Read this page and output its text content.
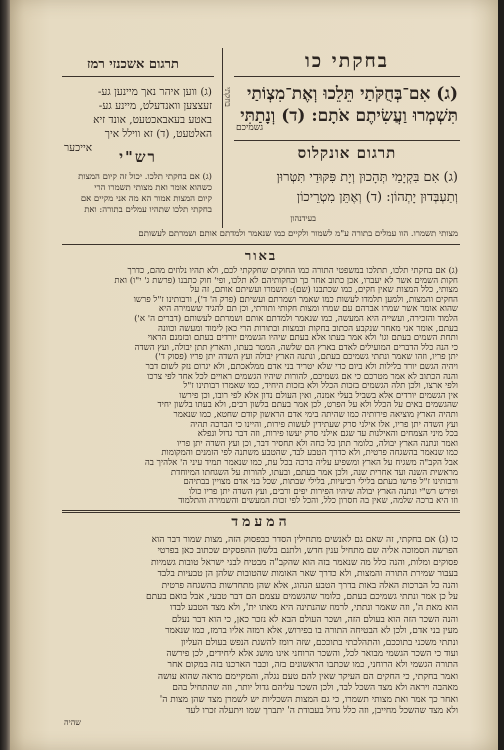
תרגום אשכנזי רמז	בחקתי כו
בחקתי (ג) אִם־בְּחֻקֹּתַי תֵּלֵכוּ וְאֶת־מִצְוֹתַי
תִּשְׁמְרוּ וַעֲשִׂיתֶם אֹתָם: (ד) וְנָתַתִּי
גשמיכם
(ג) ווען איהר נאך מיינען גע-
זעצצען וואנדעלט, מיינע גע-
באטע בעאבאכטעט, אונד זיא
האלטעט, (ד) זא ווילל איך
אייכער	תרגום אונקלוס
(ג) אִם בִּקְיָמַי תְּהָכוּן וְיָת פִּקּוּדַי תִּטְּרוּן
וְתַעְבְּדוּן יָתְהוֹן: (ד) וְאֶתֵּן מִטְרֵיכוֹן
בעידנהון
רש"י
(ג) אם בחקתי תלכו. יכול זה קיום המצות
כשהוא אומר ואת מצותי תשמרו הרי
קיום המצות אמור הא מה אני מקיים אם
בחקתי תלכו שתהיו עמלים בתורה: ואת
מצותי תשמרו. הוו עמלים בתורה ע"מ לשמור ולקיים כמו שנאמר ולמדתם אותם ושמרתם לעשותם
באור
(ג) אם בחקתי תלכו, תתלכו במשפטי התורה כמו החוקים שחקקתי לכם, ולא תהיו נלוזים מהם, כדרך
חקות השמים אשר לא יעברו, אכן כתוב אחר כך ובחקותיהם לא תלכו, ופי' חוק כתבנו (פרשת ג' י"ו) ואת
מצותי, כלל המצות שאין חקים, כמו שכתבנו (שם): תשמרו ועשיתם אותם, זה על
החקים והמצות, ולמען תלמדו לעשות כמו שאמר ושמרתם ועשיתם (פרק ה' ד'), ורבותינו ז"ל פרשו
שהוא אומר אשר שמרו אברהם עם שמרו ומצות חקותי ותורתי, וכן תם להגיד ששמירה היא
הלמוד והזכירה, ועשייה היא המעשה, כמו שנאמר ולמדתם אותם ושמרתם לעשותם (דברים ה' א')
בעתם, אומר אני מאחר שנקבע הכתוב בחקות ובמצות ובתורות הרי כאן לימוד ומעשה וכוונה
ותחת השמים בעתם וגו' ולא אמר בעתו אלא בעתם שיהיו הגשמים יורדים בעתם ובזמנם הראוי
כי הנה כלל הדברים המועילים לאדם בארץ הם שלשה, המטר בעתו, והארץ תתן יבולה, ועץ השדה
יתן פריו, וזהו שאמר ונתתי גשמיכם בעתם, ונתנה הארץ יבולה ועץ השדה יתן פריו (פסוק ד')
ויהיה הגשם יורד בלילות ולא ביום כדי שלא יטריד בני אדם ממלאכתם, ולא יגרום נזק לשום דבר
והנה הכתוב לא אמר מטרכם כי אם גשמיכם, להורות שיהיו הגשמים ראויים לכל אחד לפי צרכו
ולפי ארצו, ולכן תלה הגשמים בזכות הכלל ולא בזכות היחיד, כמו שאמרו רבותינו ז"ל
אין הגשמים יורדים אלא בשביל בעלי אמנה, ואין העולם נדון אלא לפי רובו, וכן פירשו
שהגשמים באים על הכלל ולא על הפרט, לכן אמר בעתם בלשון רבים, ולא בעתו בלשון יחיד
ותהיה הארץ מוציאה פירותיה כמו שהיתה בימי אדם הראשון קודם שחטא, כמו שנאמר
ועץ השדה יתן פריו, אלו אילני סרק שעתידין לעשות פירות, והיינו כי הברכה תהיה
בכל מיני הצמחים והאילנות עד שגם אילני סרק יעשו פירות, וזה דבר גדול ונפלא
ואמר ונתנה הארץ יבולה, כלומר תתן כל כחה ולא תחסיר דבר, וכן ועץ השדה יתן פריו
כמו שנאמר בהשגחה פרטית, ולא כדרך הטבע לבד, שהטבע משתנה לפי הזמנים והמקומות
אבל הקב"ה משגיח על הארץ ומשפיע עליה ברכה בכל עת, כמו שנאמר תמיד עיני ה' אלהיך בה
מראשית השנה ועד אחרית שנה, ולכן אמר בעתם, ובעתו, להורות על השגחתו המיוחדת
ורבותינו ז"ל פרשו בעתם בלילי רביעיות, בלילי שבתות, שכל בני אדם מצויין בבתיהם
ופירש רש"י ונתנה הארץ יבולה שיהיו הפירות יפים ורבים, ועץ השדה יתן פריו כולו
וזו היא ברכה שלמה, שאין בה חסרון כלל, והכל לפי זכות המעשים והשמירה והתלמוד
המעמד
כו (ג) אם בחקתי, זה שאם גם לאנשים מתחילין הסדר כבפסוק הזה, מצות שמור דבר הוא
הפרשה הסמוכה אליה שם מתחיל ענין חדש, ולתנם בלשון ההפסקים שכתוב כאן בפרטי
פסוקים ומלות, והנה כלל מה שנאמר בזה הוא שהקב"ה מבטיח לבני ישראל טובות גשמיות
בעבור שמירת התורה והמצות, ולא כדרך שאר האומות שהטובות שלהן הן טבעיות בלבד
והנה כל הברכות האלה באות בדרך הטבע הנהוג, אלא שהן מתחדשות בהשגחה פרטית
על כן אמר ונתתי גשמיכם בעתם, כלומר שהגשמים עצמם הם דבר טבעי, אבל בואם בעתם
הוא מאת ה', וזה שאמר ונתתי, לרמוז שהנתינה היא מאתו ית', ולא מצד הטבע לבדו
והנה השכר הזה הוא בעולם הזה, ושכר העולם הבא לא נזכר כאן, כי הוא דבר נעלם
מעין בני אדם, ולכן לא הבטיחה התורה בו בפירוש, אלא רמזה אליו ברמז, כמו שנאמר
ונתתי משכני בתוככם, והתהלכתי בתוככם, שזה רומז להשגת הנפש בעולם העליון
ועוד כי השכר הגשמי מבואר לכל, והשכר הרוחני אינו מושג אלא ליחידים, לכן פירשה
התורה הגשמי ולא הרוחני, כמו שכתבו הראשונים בזה, וכבר הארכנו בזה במקום אחר
ואמר בחקתי, כי החקים הם העיקר שאין להם טעם נגלה, והמקיימם מראה שהוא עושה
מאהבה ויראה ולא מצד השכל לבד, ולכן השכר עליהם גדול יותר, וזה שהתחיל בהם
ואחר כך אמר ואת מצותי תשמרו, כי גם המצות השכליות יש לשמרן מצד שהן מצות ה'
ולא מצד שהשכל מחייבן, וזה כלל גדול בעבודת ה' יתברך שמו ויתעלה זכרו לעד
שהיה
